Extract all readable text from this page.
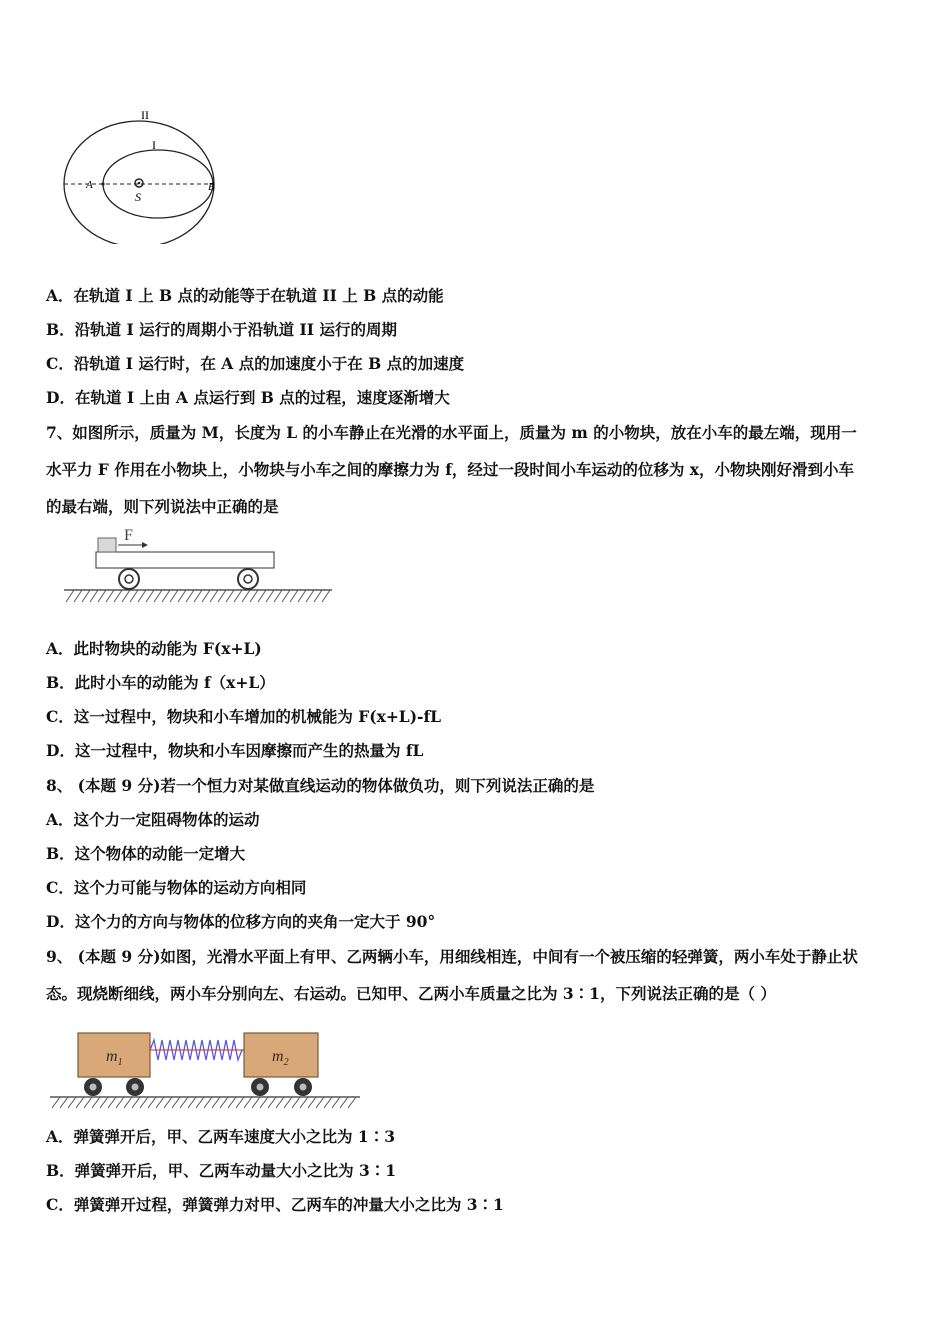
II
I
A	B
S
A．在轨道 I 上 B 点的动能等于在轨道 II 上 B 点的动能
B．沿轨道 I 运行的周期小于沿轨道 II 运行的周期
C．沿轨道 I 运行时，在 A 点的加速度小于在 B 点的加速度
D．在轨道 I 上由 A 点运行到 B 点的过程，速度逐渐增大
7、如图所示，质量为 M，长度为 L 的小车静止在光滑的水平面上，质量为 m 的小物块，放在小车的最左端，现用一
水平力 F 作用在小物块上，小物块与小车之间的摩擦力为 f，经过一段时间小车运动的位移为 x，小物块刚好滑到小车
的最右端，则下列说法中正确的是
F
A．此时物块的动能为 F(x+L)
B．此时小车的动能为 f（x+L）
C．这一过程中，物块和小车增加的机械能为 F(x+L)-fL
D．这一过程中，物块和小车因摩擦而产生的热量为 fL
8、 (本题 9 分)若一个恒力对某做直线运动的物体做负功，则下列说法正确的是
A．这个力一定阻碍物体的运动
B．这个物体的动能一定增大
C．这个力可能与物体的运动方向相同
D．这个力的方向与物体的位移方向的夹角一定大于 90°
9、 (本题 9 分)如图，光滑水平面上有甲、乙两辆小车，用细线相连，中间有一个被压缩的轻弹簧，两小车处于静止状
态。现烧断细线，两小车分别向左、右运动。已知甲、乙两小车质量之比为 3∶1，下列说法正确的是（ ）
$m_1$	$m_2$
A．弹簧弹开后，甲、乙两车速度大小之比为 1∶3
B．弹簧弹开后，甲、乙两车动量大小之比为 3∶1
C．弹簧弹开过程，弹簧弹力对甲、乙两车的冲量大小之比为 3∶1
